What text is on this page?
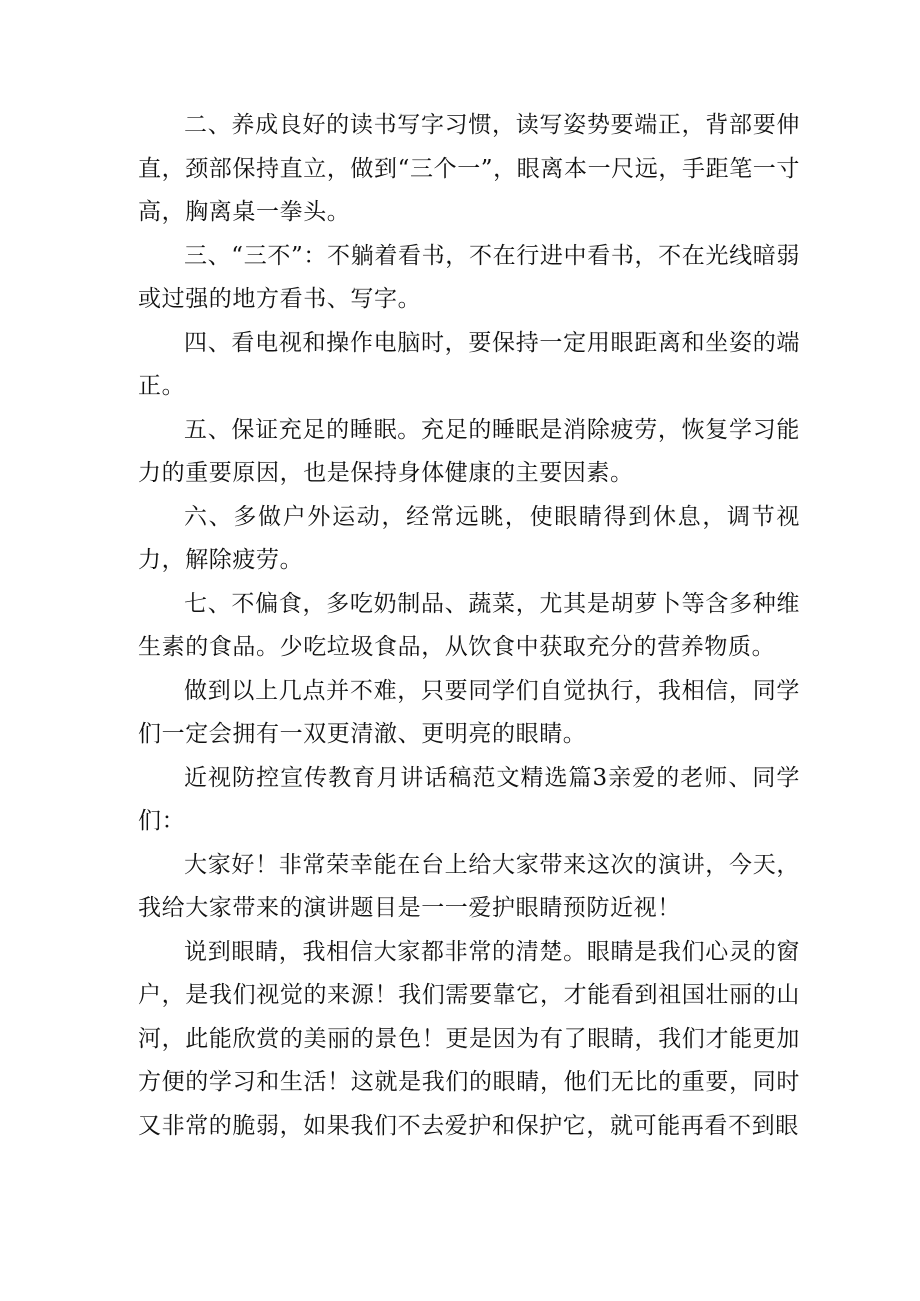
二、养成良好的读书写字习惯，读写姿势要端正，背部要伸直，颈部保持直立，做到“三个一”，眼离本一尺远，手距笔一寸高，胸离桌一拳头。

三、“三不”：不躺着看书，不在行进中看书，不在光线暗弱或过强的地方看书、写字。

四、看电视和操作电脑时，要保持一定用眼距离和坐姿的端正。

五、保证充足的睡眠。充足的睡眠是消除疲劳，恢复学习能力的重要原因，也是保持身体健康的主要因素。

六、多做户外运动，经常远眺，使眼睛得到休息，调节视力，解除疲劳。

七、不偏食，多吃奶制品、蔬菜，尤其是胡萝卜等含多种维生素的食品。少吃垃圾食品，从饮食中获取充分的营养物质。

做到以上几点并不难，只要同学们自觉执行，我相信，同学们一定会拥有一双更清澈、更明亮的眼睛。

近视防控宣传教育月讲话稿范文精选篇3亲爱的老师、同学们：

大家好！非常荣幸能在台上给大家带来这次的演讲，今天，我给大家带来的演讲题目是一一爱护眼睛预防近视！

说到眼睛，我相信大家都非常的清楚。眼睛是我们心灵的窗户，是我们视觉的来源！我们需要靠它，才能看到祖国壮丽的山河，此能欣赏的美丽的景色！更是因为有了眼睛，我们才能更加方便的学习和生活！这就是我们的眼睛，他们无比的重要，同时又非常的脆弱，如果我们不去爱护和保护它，就可能再看不到眼
